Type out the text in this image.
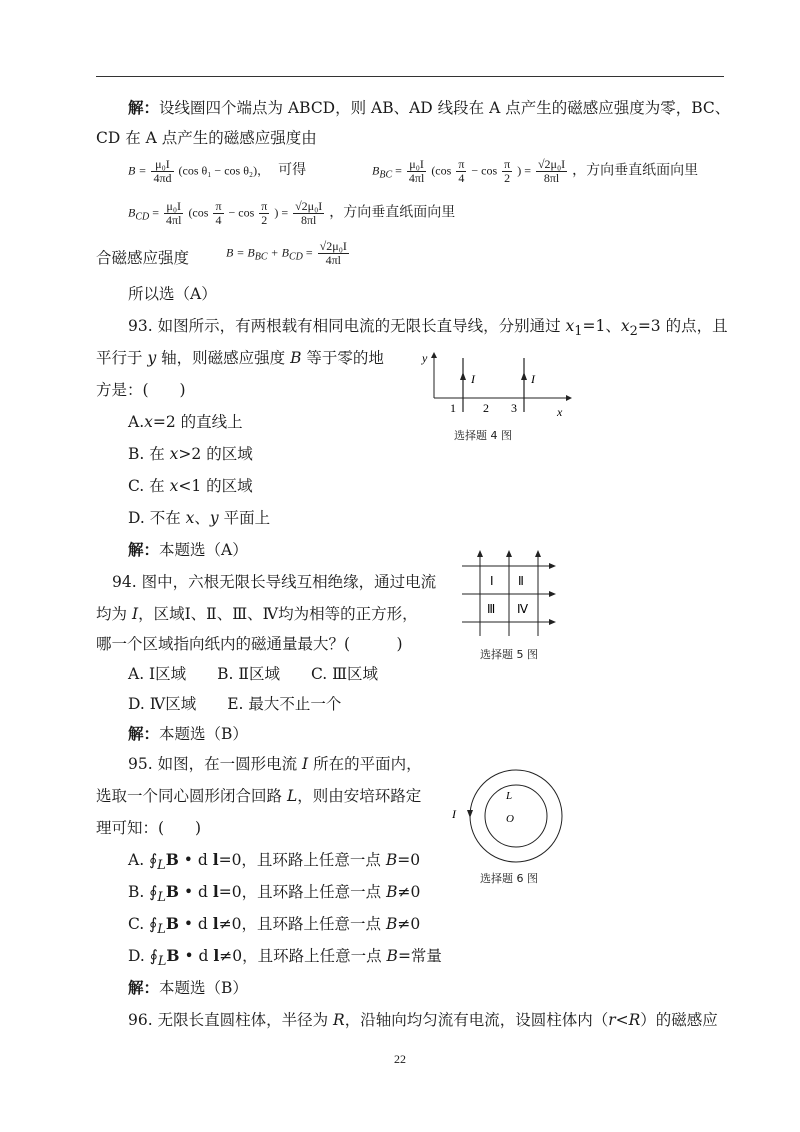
解：设线圈四个端点为 ABCD，则 AB、AD 线段在 A 点产生的磁感应强度为零，BC、
CD 在 A 点产生的磁感应强度由
$B = \frac{\text{μ₀I}}{4\pi d} (\cos$ θ₁ − cos θ₂)， 可得	$B_{BC} = \frac{\text{μ₀I}}{4\pi l} (\cos \frac{\pi}{4} - \cos \frac{\pi}{2}$ ) = $\frac{\text{√2μ₀I}}{8\pi l}$ ，方向垂直纸面向里
$B_{CD} = \frac{\text{μ₀I}}{4\pi l} (\cos \frac{\pi}{4} - \cos \frac{\pi}{2}$ ) = $\frac{\text{√2μ₀I}}{8\pi l}$ ，方向垂直纸面向里
合磁感应强度	$B = B_{BC} + B_{CD} = \frac{\text{√2μ₀I}}{4\pi l}$
所以选（A）
93. 如图所示，有两根载有相同电流的无限长直导线，分别通过 $x_1=1$、$x_2=3$ 的点，且
平行于 y 轴，则磁感应强度 B 等于零的地
方是：(　　)
A.x=2 的直线上
B. 在 x>2 的区域
C. 在 x<1 的区域
D. 不在 x、y 平面上
解：本题选（A）
y
x
I	I
1 2 3
选择题 4 图
94. 图中，六根无限长导线互相绝缘，通过电流
均为 I，区域Ⅰ、Ⅱ、Ⅲ、Ⅳ均为相等的正方形，
哪一个区域指向纸内的磁通量最大？(　　　)
A. Ⅰ区域　　B. Ⅱ区域　　C. Ⅲ区域
D. Ⅳ区域　　E. 最大不止一个
解：本题选（B）
Ⅰ Ⅱ
Ⅲ Ⅳ
选择题 5 图
95. 如图，在一圆形电流 I 所在的平面内，
选取一个同心圆形闭合回路 L，则由安培环路定
理可知：(　　)
A. $∮_LB$ • d l=0，且环路上任意一点 B=0
B. $∮_LB$ • d l=0，且环路上任意一点 B≠0
C. $∮_LB$ • d l≠0，且环路上任意一点 B≠0
D. $∮_LB$ • d l≠0，且环路上任意一点 B=常量
解：本题选（B）
I
L
O
选择题 6 图
96. 无限长直圆柱体，半径为 R，沿轴向均匀流有电流，设圆柱体内（r<R）的磁感应
22
